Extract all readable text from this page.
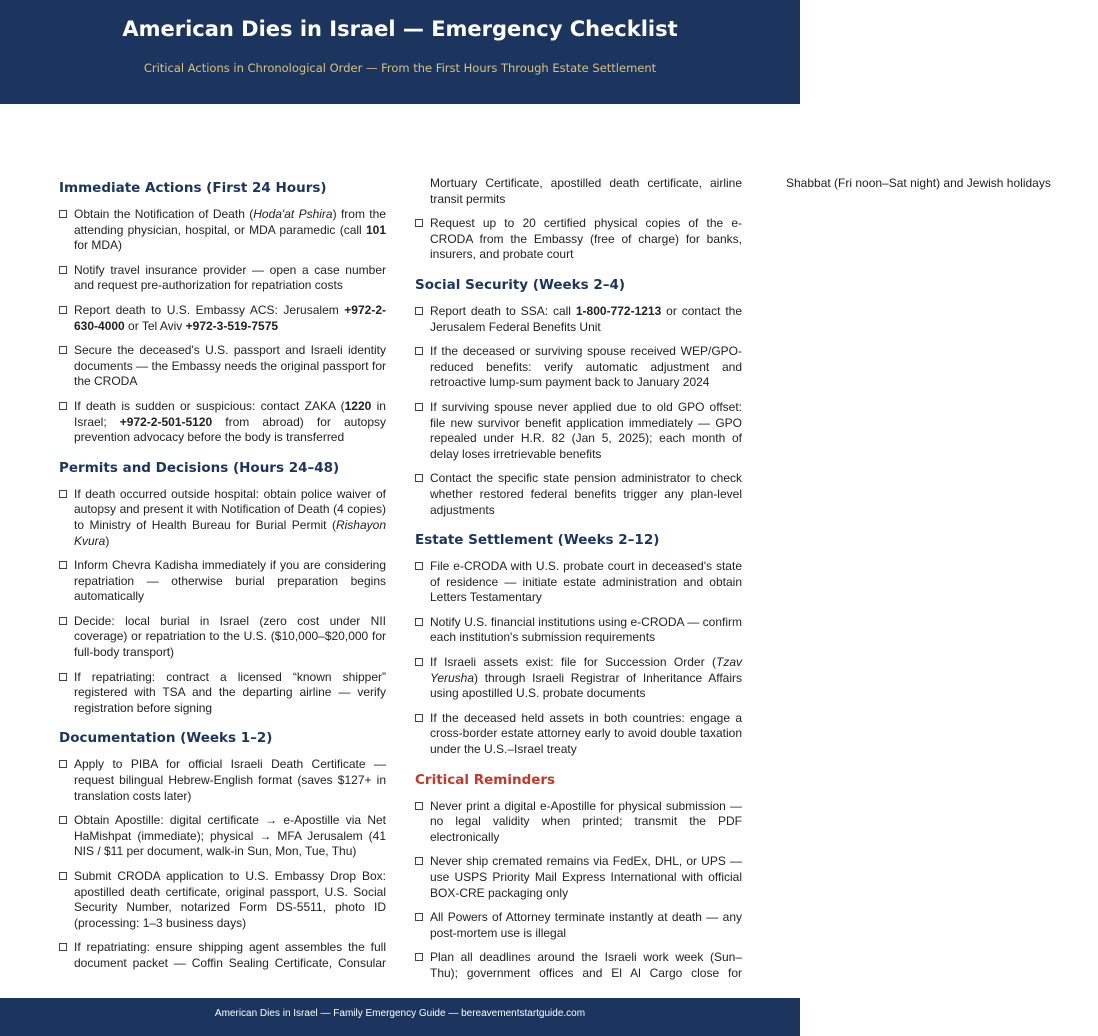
American Dies in Israel — Emergency Checklist
Critical Actions in Chronological Order — From the First Hours Through Estate Settlement
Immediate Actions (First 24 Hours)
Obtain the Notification of Death (Hoda'at Pshira) from the attending physician, hospital, or MDA paramedic (call 101 for MDA)
Notify travel insurance provider — open a case number and request pre-authorization for repatriation costs
Report death to U.S. Embassy ACS: Jerusalem +972-2-630-4000 or Tel Aviv +972-3-519-7575
Secure the deceased's U.S. passport and Israeli identity documents — the Embassy needs the original passport for the CRODA
If death is sudden or suspicious: contact ZAKA (1220 in Israel; +972-2-501-5120 from abroad) for autopsy prevention advocacy before the body is transferred
Permits and Decisions (Hours 24–48)
If death occurred outside hospital: obtain police waiver of autopsy and present it with Notification of Death (4 copies) to Ministry of Health Bureau for Burial Permit (Rishayon Kvura)
Inform Chevra Kadisha immediately if you are considering repatriation — otherwise burial preparation begins automatically
Decide: local burial in Israel (zero cost under NII coverage) or repatriation to the U.S. ($10,000–$20,000 for full-body transport)
If repatriating: contract a licensed “known shipper” registered with TSA and the departing airline — verify registration before signing
Documentation (Weeks 1–2)
Apply to PIBA for official Israeli Death Certificate — request bilingual Hebrew-English format (saves $127+ in translation costs later)
Obtain Apostille: digital certificate → e-Apostille via Net HaMishpat (immediate); physical → MFA Jerusalem (41 NIS / $11 per document, walk-in Sun, Mon, Tue, Thu)
Submit CRODA application to U.S. Embassy Drop Box: apostilled death certificate, original passport, U.S. Social Security Number, notarized Form DS-5511, photo ID (processing: 1–3 business days)
If repatriating: ensure shipping agent assembles the full document packet — Coffin Sealing Certificate, Consular Mortuary Certificate, apostilled death certificate, airline transit permits
Request up to 20 certified physical copies of the e-CRODA from the Embassy (free of charge) for banks, insurers, and probate court
Social Security (Weeks 2–4)
Report death to SSA: call 1-800-772-1213 or contact the Jerusalem Federal Benefits Unit
If the deceased or surviving spouse received WEP/GPO-reduced benefits: verify automatic adjustment and retroactive lump-sum payment back to January 2024
If surviving spouse never applied due to old GPO offset: file new survivor benefit application immediately — GPO repealed under H.R. 82 (Jan 5, 2025); each month of delay loses irretrievable benefits
Contact the specific state pension administrator to check whether restored federal benefits trigger any plan-level adjustments
Estate Settlement (Weeks 2–12)
File e-CRODA with U.S. probate court in deceased's state of residence — initiate estate administration and obtain Letters Testamentary
Notify U.S. financial institutions using e-CRODA — confirm each institution's submission requirements
If Israeli assets exist: file for Succession Order (Tzav Yerusha) through Israeli Registrar of Inheritance Affairs using apostilled U.S. probate documents
If the deceased held assets in both countries: engage a cross-border estate attorney early to avoid double taxation under the U.S.–Israel treaty
Critical Reminders
Never print a digital e-Apostille for physical submission — no legal validity when printed; transmit the PDF electronically
Never ship cremated remains via FedEx, DHL, or UPS — use USPS Priority Mail Express International with official BOX-CRE packaging only
All Powers of Attorney terminate instantly at death — any post-mortem use is illegal
Plan all deadlines around the Israeli work week (Sun–Thu); government offices and El Al Cargo close for Shabbat (Fri noon–Sat night) and Jewish holidays
American Dies in Israel — Family Emergency Guide — bereavementstartguide.com
